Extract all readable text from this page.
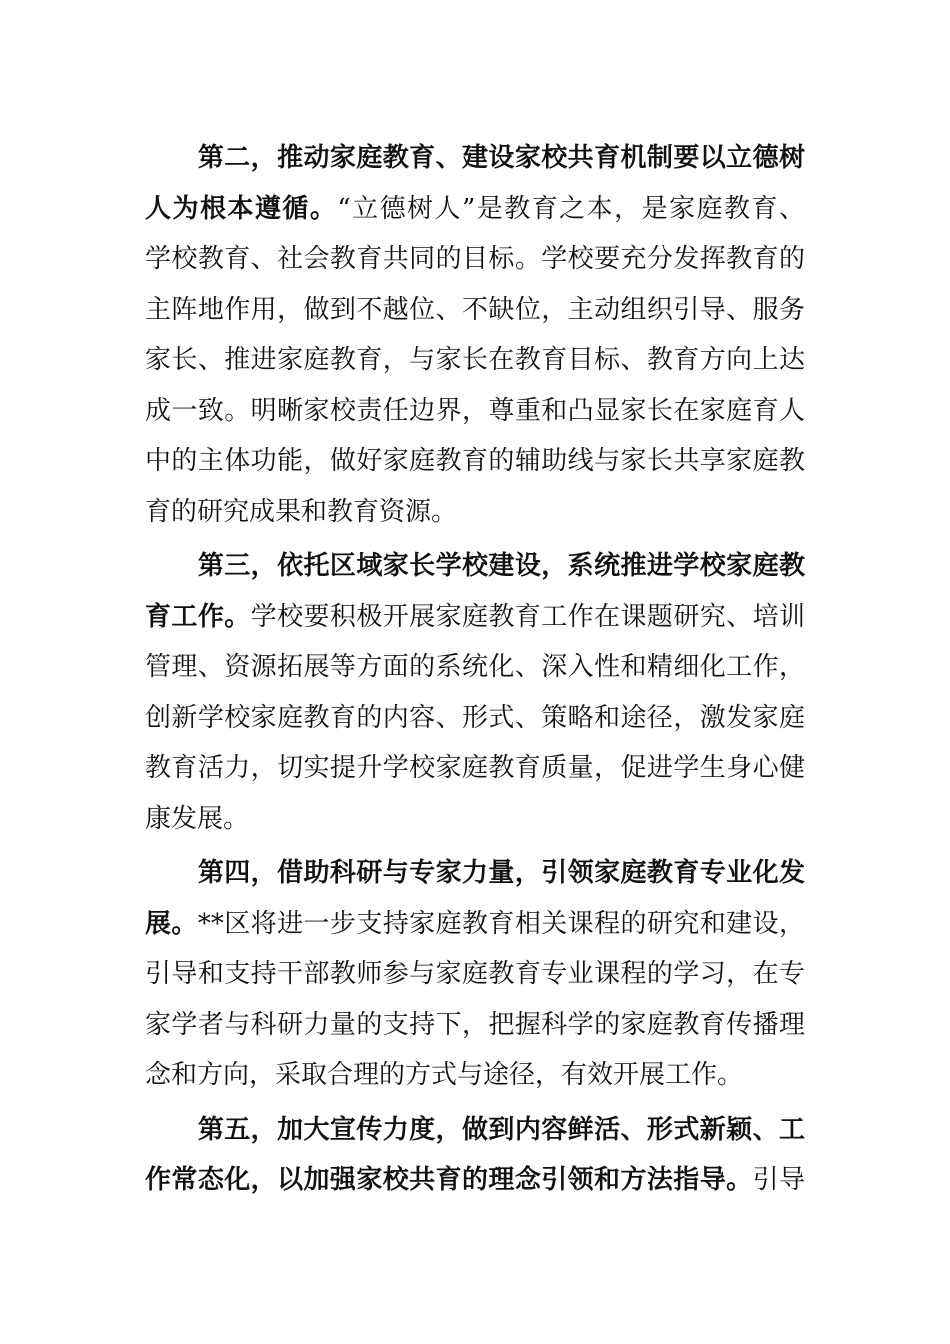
　　第二，推动家庭教育、建设家校共育机制要以立德树
人为根本遵循。“立德树人”是教育之本，是家庭教育、
学校教育、社会教育共同的目标。学校要充分发挥教育的
主阵地作用，做到不越位、不缺位，主动组织引导、服务
家长、推进家庭教育，与家长在教育目标、教育方向上达
成一致。明晰家校责任边界，尊重和凸显家长在家庭育人
中的主体功能，做好家庭教育的辅助线与家长共享家庭教
育的研究成果和教育资源。
　　第三，依托区域家长学校建设，系统推进学校家庭教
育工作。学校要积极开展家庭教育工作在课题研究、培训
管理、资源拓展等方面的系统化、深入性和精细化工作，
创新学校家庭教育的内容、形式、策略和途径，激发家庭
教育活力，切实提升学校家庭教育质量，促进学生身心健
康发展。
　　第四，借助科研与专家力量，引领家庭教育专业化发
展。**区将进一步支持家庭教育相关课程的研究和建设，
引导和支持干部教师参与家庭教育专业课程的学习，在专
家学者与科研力量的支持下，把握科学的家庭教育传播理
念和方向，采取合理的方式与途径，有效开展工作。
　　第五，加大宣传力度，做到内容鲜活、形式新颖、工
作常态化，以加强家校共育的理念引领和方法指导。引导
